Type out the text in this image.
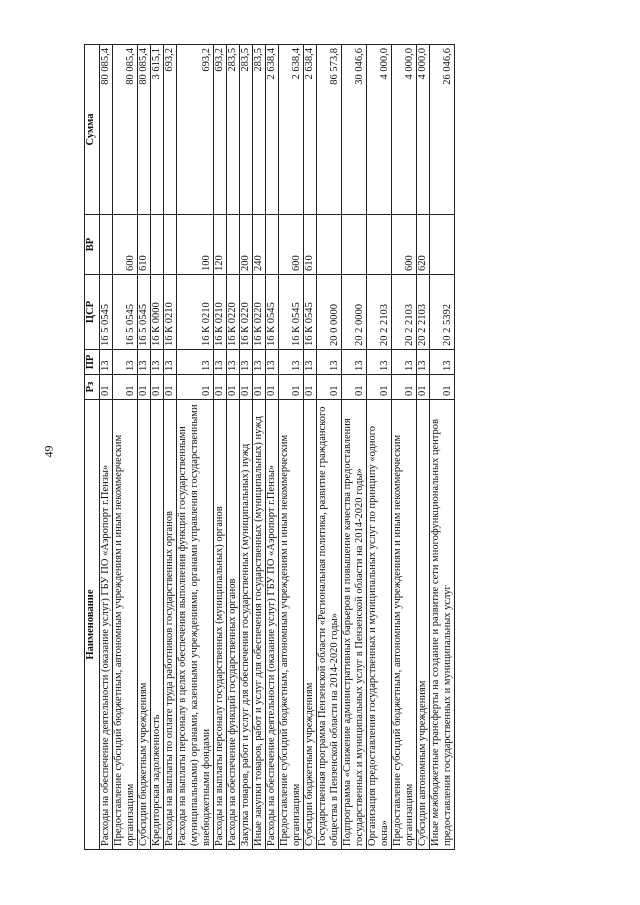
49
Наименование	Рз	ПР	ЦСР	ВР	Сумма
Расходы на обеспечение деятельности (оказание услуг) ГБУ ПО «Аэропорт г.Пензы»	01	13	16 5 0545		80 085,4
Предоставление субсидий бюджетным, автономным учреждениям и иным некоммерческим организациям	01	13	16 5 0545	600	80 085,4
Субсидии бюджетным учреждениям	01	13	16 5 0545	610	80 085,4
Кредиторская задолженность	01	13	16 К 0000		3 615,1
Расходы на выплаты по оплате труда работников государственных органов	01	13	16 К 0210		693,2
Расходы на выплаты персоналу в целях обеспечения выполнения функций государственными (муниципальными) органами, казенными учреждениями, органами управления государственными внебюджетными фондами	01	13	16 К 0210	100	693,2
Расходы на выплаты персоналу государственных (муниципальных) органов	01	13	16 К 0210	120	693,2
Расходы на обеспечение функций государственных органов	01	13	16 К 0220		283,5
Закупка товаров, работ и услуг для обеспечения государственных (муниципальных) нужд	01	13	16 К 0220	200	283,5
Иные закупки товаров, работ и услуг для обеспечения государственных (муниципальных) нужд	01	13	16 К 0220	240	283,5
Расходы на обеспечение деятельности (оказание услуг) ГБУ ПО «Аэропорт г.Пензы»	01	13	16 К 0545		2 638,4
Предоставление субсидий бюджетным, автономным учреждениям и иным некоммерческим организациям	01	13	16 К 0545	600	2 638,4
Субсидии бюджетным учреждениям	01	13	16 К 0545	610	2 638,4
Государственная программа Пензенской области «Региональная политика, развитие гражданского общества в Пензенской области на 2014-2020 годы»	01	13	20 0 0000		86 573,8
Подпрограмма «Снижение административных барьеров и повышение качества предоставления государственных и муниципальных услуг в Пензенской области на 2014-2020 годы»	01	13	20 2 0000		30 046,6
Организация предоставления государственных и муниципальных услуг по принципу «одного окна»	01	13	20 2 2103		4 000,0
Предоставление субсидий бюджетным, автономным учреждениям и иным некоммерческим организациям	01	13	20 2 2103	600	4 000,0
Субсидии автономным учреждениям	01	13	20 2 2103	620	4 000,0
Иные межбюджетные трансферты на создание и развитие сети многофункциональных центров предоставления государственных и муниципальных услуг	01	13	20 2 5392		26 046,6
